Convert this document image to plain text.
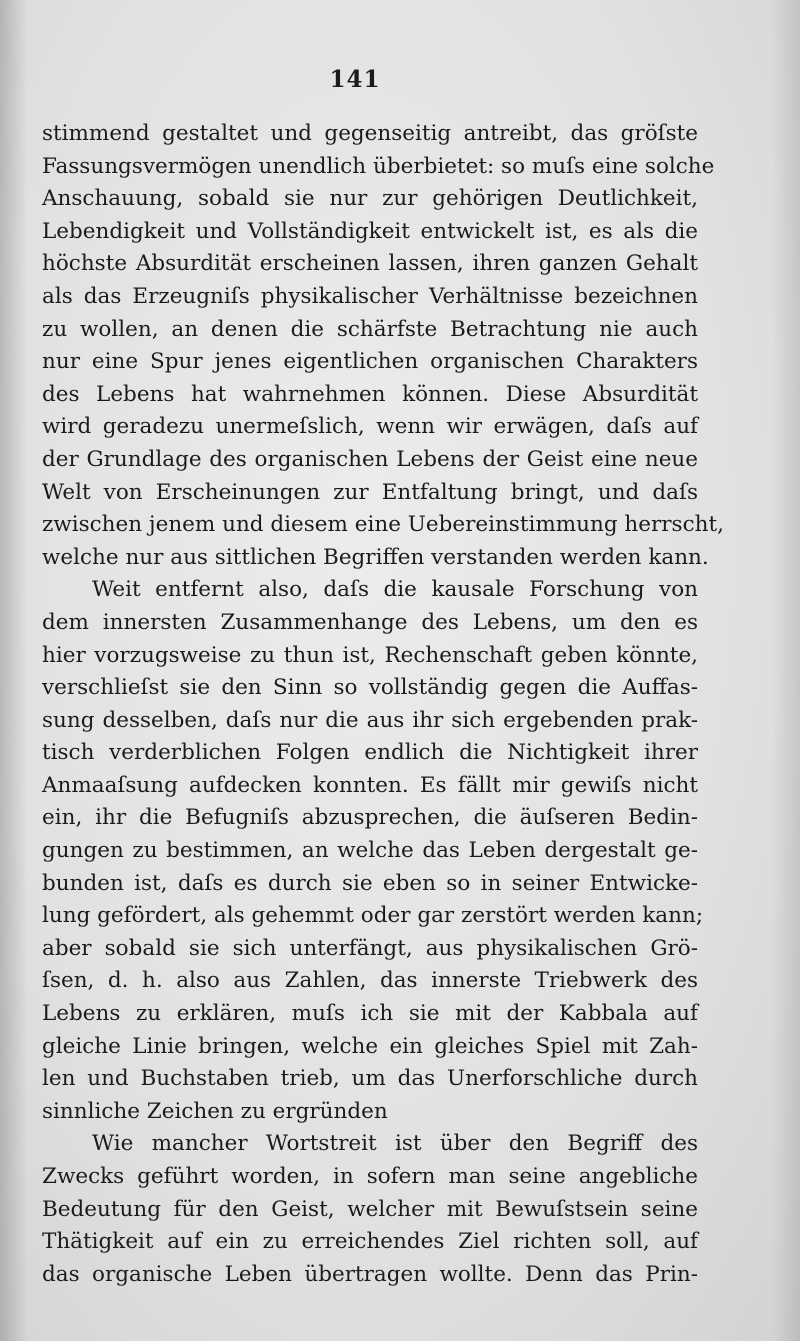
141
stimmend gestaltet und gegenseitig antreibt, das gröſste
Fassungsvermögen unendlich überbietet: so muſs eine solche
Anschauung, sobald sie nur zur gehörigen Deutlichkeit,
Lebendigkeit und Vollständigkeit entwickelt ist, es als die
höchste Absurdität erscheinen lassen, ihren ganzen Gehalt
als das Erzeugniſs physikalischer Verhältnisse bezeichnen
zu wollen, an denen die schärfste Betrachtung nie auch
nur eine Spur jenes eigentlichen organischen Charakters
des Lebens hat wahrnehmen können. Diese Absurdität
wird geradezu unermeſslich, wenn wir erwägen, daſs auf
der Grundlage des organischen Lebens der Geist eine neue
Welt von Erscheinungen zur Entfaltung bringt, und daſs
zwischen jenem und diesem eine Uebereinstimmung herrscht,
welche nur aus sittlichen Begriffen verstanden werden kann.
Weit entfernt also, daſs die kausale Forschung von
dem innersten Zusammenhange des Lebens, um den es
hier vorzugsweise zu thun ist, Rechenschaft geben könnte,
verschlieſst sie den Sinn so vollständig gegen die Auffas-
sung desselben, daſs nur die aus ihr sich ergebenden prak-
tisch verderblichen Folgen endlich die Nichtigkeit ihrer
Anmaaſsung aufdecken konnten. Es fällt mir gewiſs nicht
ein, ihr die Befugniſs abzusprechen, die äuſseren Bedin-
gungen zu bestimmen, an welche das Leben dergestalt ge-
bunden ist, daſs es durch sie eben so in seiner Entwicke-
lung gefördert, als gehemmt oder gar zerstört werden kann;
aber sobald sie sich unterfängt, aus physikalischen Grö-
ſsen, d. h. also aus Zahlen, das innerste Triebwerk des
Lebens zu erklären, muſs ich sie mit der Kabbala auf
gleiche Linie bringen, welche ein gleiches Spiel mit Zah-
len und Buchstaben trieb, um das Unerforschliche durch
sinnliche Zeichen zu ergründen
Wie mancher Wortstreit ist über den Begriff des
Zwecks geführt worden, in sofern man seine angebliche
Bedeutung für den Geist, welcher mit Bewuſstsein seine
Thätigkeit auf ein zu erreichendes Ziel richten soll, auf
das organische Leben übertragen wollte. Denn das Prin-
